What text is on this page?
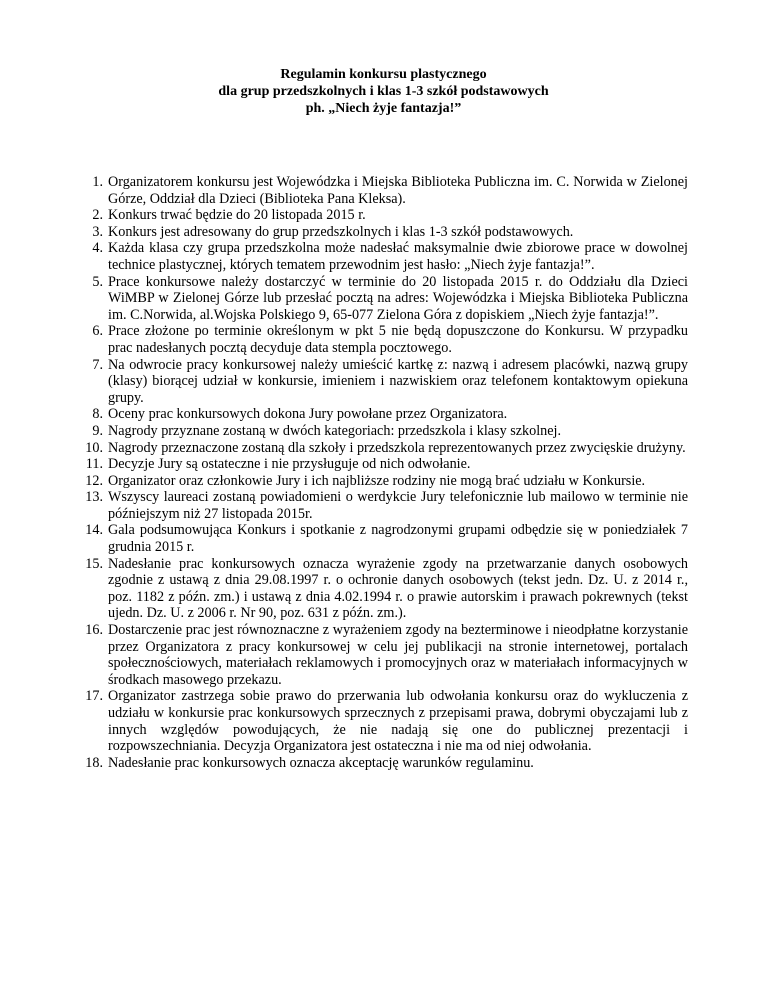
Regulamin konkursu plastycznego
dla grup przedszkolnych i klas 1-3 szkół podstawowych
ph. „Niech żyje fantazja!”
1. Organizatorem konkursu jest Wojewódzka i Miejska Biblioteka Publiczna im. C. Norwida w Zielonej Górze, Oddział dla Dzieci (Biblioteka Pana Kleksa).
2. Konkurs trwać będzie do 20 listopada 2015 r.
3. Konkurs jest adresowany do grup przedszkolnych i klas 1-3 szkół podstawowych.
4. Każda klasa czy grupa przedszkolna może nadesłać maksymalnie dwie zbiorowe prace w dowolnej technice plastycznej, których tematem przewodnim jest hasło: „Niech żyje fantazja!”.
5. Prace konkursowe należy dostarczyć w terminie do 20 listopada 2015 r. do Oddziału dla Dzieci WiMBP w Zielonej Górze lub przesłać pocztą na adres: Wojewódzka i Miejska Biblioteka Publiczna im. C.Norwida, al.Wojska Polskiego 9, 65-077 Zielona Góra z dopiskiem „Niech żyje fantazja!”.
6. Prace złożone po terminie określonym w pkt 5 nie będą dopuszczone do Konkursu. W przypadku prac nadesłanych pocztą decyduje data stempla pocztowego.
7. Na odwrocie pracy konkursowej należy umieścić kartkę z: nazwą i adresem placówki, nazwą grupy (klasy) biorącej udział w konkursie, imieniem i nazwiskiem oraz telefonem kontaktowym opiekuna grupy.
8. Oceny prac konkursowych dokona Jury powołane przez Organizatora.
9. Nagrody przyznane zostaną w dwóch kategoriach: przedszkola i klasy szkolnej.
10. Nagrody przeznaczone zostaną dla szkoły i przedszkola reprezentowanych przez zwycięskie drużyny.
11. Decyzje Jury są ostateczne i nie przysługuje od nich odwołanie.
12. Organizator oraz członkowie Jury i ich najbliższe rodziny nie mogą brać udziału w Konkursie.
13. Wszyscy laureaci zostaną powiadomieni o werdykcie Jury telefonicznie lub mailowo w terminie nie późniejszym niż 27 listopada 2015r.
14. Gala podsumowująca Konkurs i spotkanie z nagrodzonymi grupami odbędzie się w poniedziałek 7 grudnia 2015 r.
15. Nadesłanie prac konkursowych oznacza wyrażenie zgody na przetwarzanie danych osobowych zgodnie z ustawą z dnia 29.08.1997 r. o ochronie danych osobowych (tekst jedn. Dz. U. z 2014 r., poz. 1182 z późn. zm.) i ustawą z dnia 4.02.1994 r. o prawie autorskim i prawach pokrewnych (tekst ujedn. Dz. U. z 2006 r. Nr 90, poz. 631 z późn. zm.).
16. Dostarczenie prac jest równoznaczne z wyrażeniem zgody na bezterminowe i nieodpłatne korzystanie przez Organizatora z pracy konkursowej w celu jej publikacji na stronie internetowej, portalach społecznościowych, materiałach reklamowych i promocyjnych oraz w materiałach informacyjnych w środkach masowego przekazu.
17. Organizator zastrzega sobie prawo do przerwania lub odwołania konkursu oraz do wykluczenia z udziału w konkursie prac konkursowych sprzecznych z przepisami prawa, dobrymi obyczajami lub z innych względów powodujących, że nie nadają się one do publicznej prezentacji i rozpowszechniania. Decyzja Organizatora jest ostateczna i nie ma od niej odwołania.
18. Nadesłanie prac konkursowych oznacza akceptację warunków regulaminu.
